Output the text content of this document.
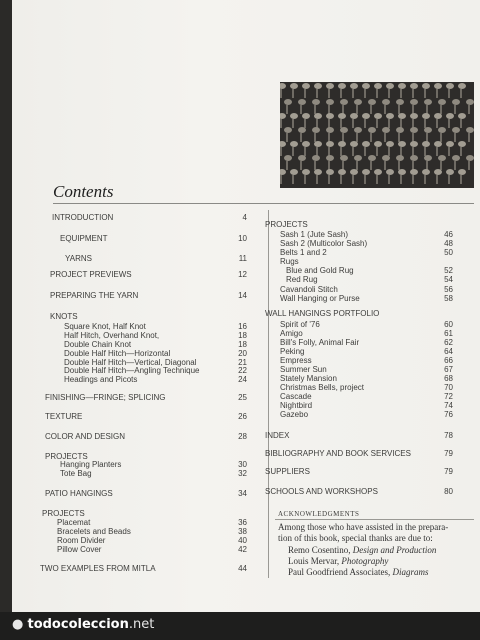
Contents
INTRODUCTION	4
EQUIPMENT	10
YARNS	11
PROJECT PREVIEWS	12
PREPARING THE YARN	14
KNOTS
Square Knot, Half Knot	16
Half Hitch, Overhand Knot,	18
Double Chain Knot	18
Double Half Hitch—Horizontal	20
Double Half Hitch—Vertical, Diagonal	21
Double Half Hitch—Angling Technique	22
Headings and Picots	24
FINISHING—FRINGE; SPLICING	25
TEXTURE	26
COLOR AND DESIGN	28
PROJECTS
Hanging Planters	30
Tote Bag	32
PATIO HANGINGS	34
PROJECTS
Placemat	36
Bracelets and Beads	38
Room Divider	40
Pillow Cover	42
TWO EXAMPLES FROM MITLA	44
PROJECTS
Sash 1 (Jute Sash)	46
Sash 2 (Multicolor Sash)	48
Belts 1 and 2	50
Rugs
Blue and Gold Rug	52
Red Rug	54
Cavandoli Stitch	56
Wall Hanging or Purse	58
WALL HANGINGS PORTFOLIO
Spirit of '76	60
Amigo	61
Bill's Folly, Animal Fair	62
Peking	64
Empress	66
Summer Sun	67
Stately Mansion	68
Christmas Bells, project	70
Cascade	72
Nightbird	74
Gazebo	76
INDEX	78
BIBLIOGRAPHY AND BOOK SERVICES	79
SUPPLIERS	79
SCHOOLS AND WORKSHOPS	80
ACKNOWLEDGMENTS
Among those who have assisted in the prepara-
tion of this book, special thanks are due to:
Remo Cosentino, Design and Production
Louis Mervar, Photography
Paul Goodfriend Associates, Diagrams
● todocoleccion.net
